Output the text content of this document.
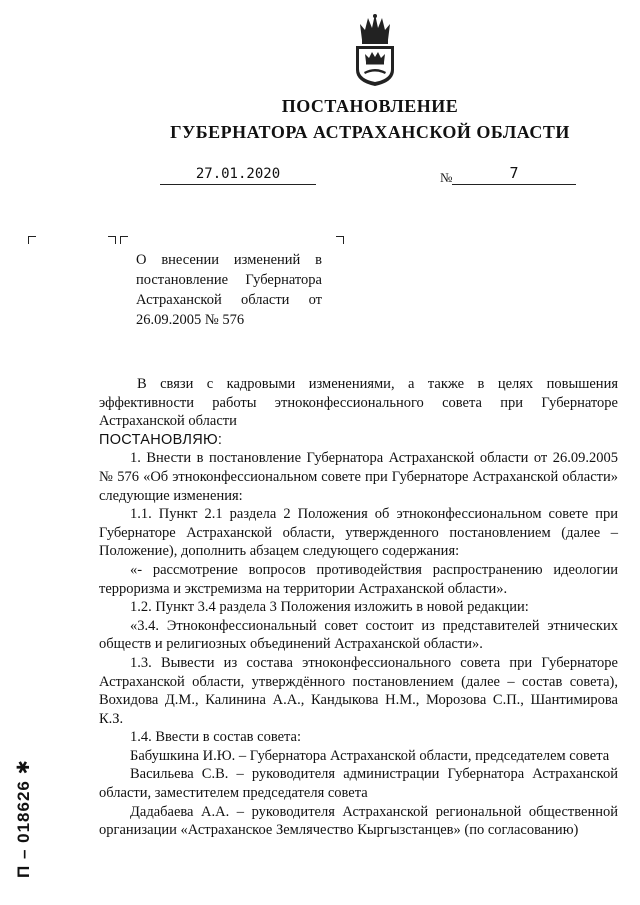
ПОСТАНОВЛЕНИЕ
ГУБЕРНАТОРА АСТРАХАНСКОЙ ОБЛАСТИ
27.01.2020	№	7
О внесении изменений в постановление Губернатора Астраханской области от 26.09.2005 № 576

В связи с кадровыми изменениями, а также в целях повышения эффективности работы этноконфессионального совета при Губернаторе Астраханской области

ПОСТАНОВЛЯЮ:

1. Внести в постановление Губернатора Астраханской области от 26.09.2005 № 576 «Об этноконфессиональном совете при Губернаторе Астраханской области» следующие изменения:

1.1. Пункт 2.1 раздела 2 Положения об этноконфессиональном совете при Губернаторе Астраханской области, утвержденного постановлением (далее – Положение), дополнить абзацем следующего содержания:

«- рассмотрение вопросов противодействия распространению идеологии терроризма и экстремизма на территории Астраханской области».

1.2. Пункт 3.4 раздела 3 Положения изложить в новой редакции:

«3.4. Этноконфессиональный совет состоит из представителей этнических обществ и религиозных объединений Астраханской области».

1.3. Вывести из состава этноконфессионального совета при Губернаторе Астраханской области, утверждённого постановлением (далее – состав совета), Вохидова Д.М., Калинина А.А., Кандыкова Н.М., Морозова С.П., Шантимирова К.З.

1.4. Ввести в состав совета:

Бабушкина И.Ю. – Губернатора Астраханской области, председателем совета

Васильева С.В. – руководителя администрации Губернатора Астраханской области, заместителем председателя совета

Дадабаева А.А. – руководителя Астраханской региональной общественной организации «Астраханское Землячество Кыргызстанцев» (по согласованию)

П – 018626 ✱
